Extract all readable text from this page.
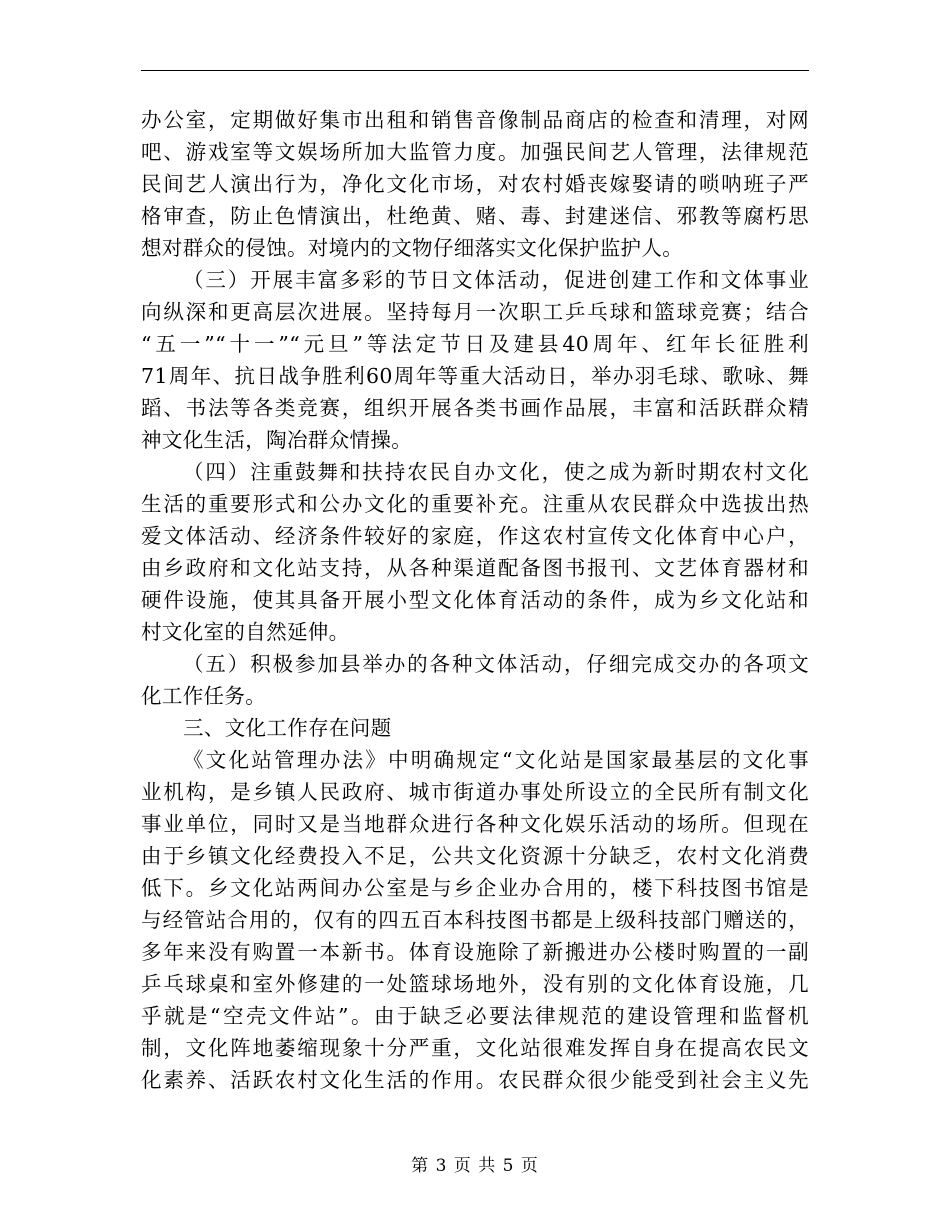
办公室，定期做好集市出租和销售音像制品商店的检查和清理，对网
吧、游戏室等文娱场所加大监管力度。加强民间艺人管理，法律规范
民间艺人演出行为，净化文化市场，对农村婚丧嫁娶请的唢呐班子严
格审查，防止色情演出，杜绝黄、赌、毒、封建迷信、邪教等腐朽思
想对群众的侵蚀。对境内的文物仔细落实文化保护监护人。
（三）开展丰富多彩的节日文体活动，促进创建工作和文体事业
向纵深和更高层次进展。坚持每月一次职工乒乓球和篮球竞赛；结合
“五一”“十一”“元旦”等法定节日及建县40周年、红年长征胜利
71周年、抗日战争胜利60周年等重大活动日，举办羽毛球、歌咏、舞
蹈、书法等各类竞赛，组织开展各类书画作品展，丰富和活跃群众精
神文化生活，陶冶群众情操。
（四）注重鼓舞和扶持农民自办文化，使之成为新时期农村文化
生活的重要形式和公办文化的重要补充。注重从农民群众中选拔出热
爱文体活动、经济条件较好的家庭，作这农村宣传文化体育中心户，
由乡政府和文化站支持，从各种渠道配备图书报刊、文艺体育器材和
硬件设施，使其具备开展小型文化体育活动的条件，成为乡文化站和
村文化室的自然延伸。
（五）积极参加县举办的各种文体活动，仔细完成交办的各项文
化工作任务。
三、文化工作存在问题
《文化站管理办法》中明确规定“文化站是国家最基层的文化事
业机构，是乡镇人民政府、城市街道办事处所设立的全民所有制文化
事业单位，同时又是当地群众进行各种文化娱乐活动的场所。但现在
由于乡镇文化经费投入不足，公共文化资源十分缺乏，农村文化消费
低下。乡文化站两间办公室是与乡企业办合用的，楼下科技图书馆是
与经管站合用的，仅有的四五百本科技图书都是上级科技部门赠送的，
多年来没有购置一本新书。体育设施除了新搬进办公楼时购置的一副
乒乓球桌和室外修建的一处篮球场地外，没有别的文化体育设施，几
乎就是“空壳文件站”。由于缺乏必要法律规范的建设管理和监督机
制，文化阵地萎缩现象十分严重，文化站很难发挥自身在提高农民文
化素养、活跃农村文化生活的作用。农民群众很少能受到社会主义先
第 3 页 共 5 页
